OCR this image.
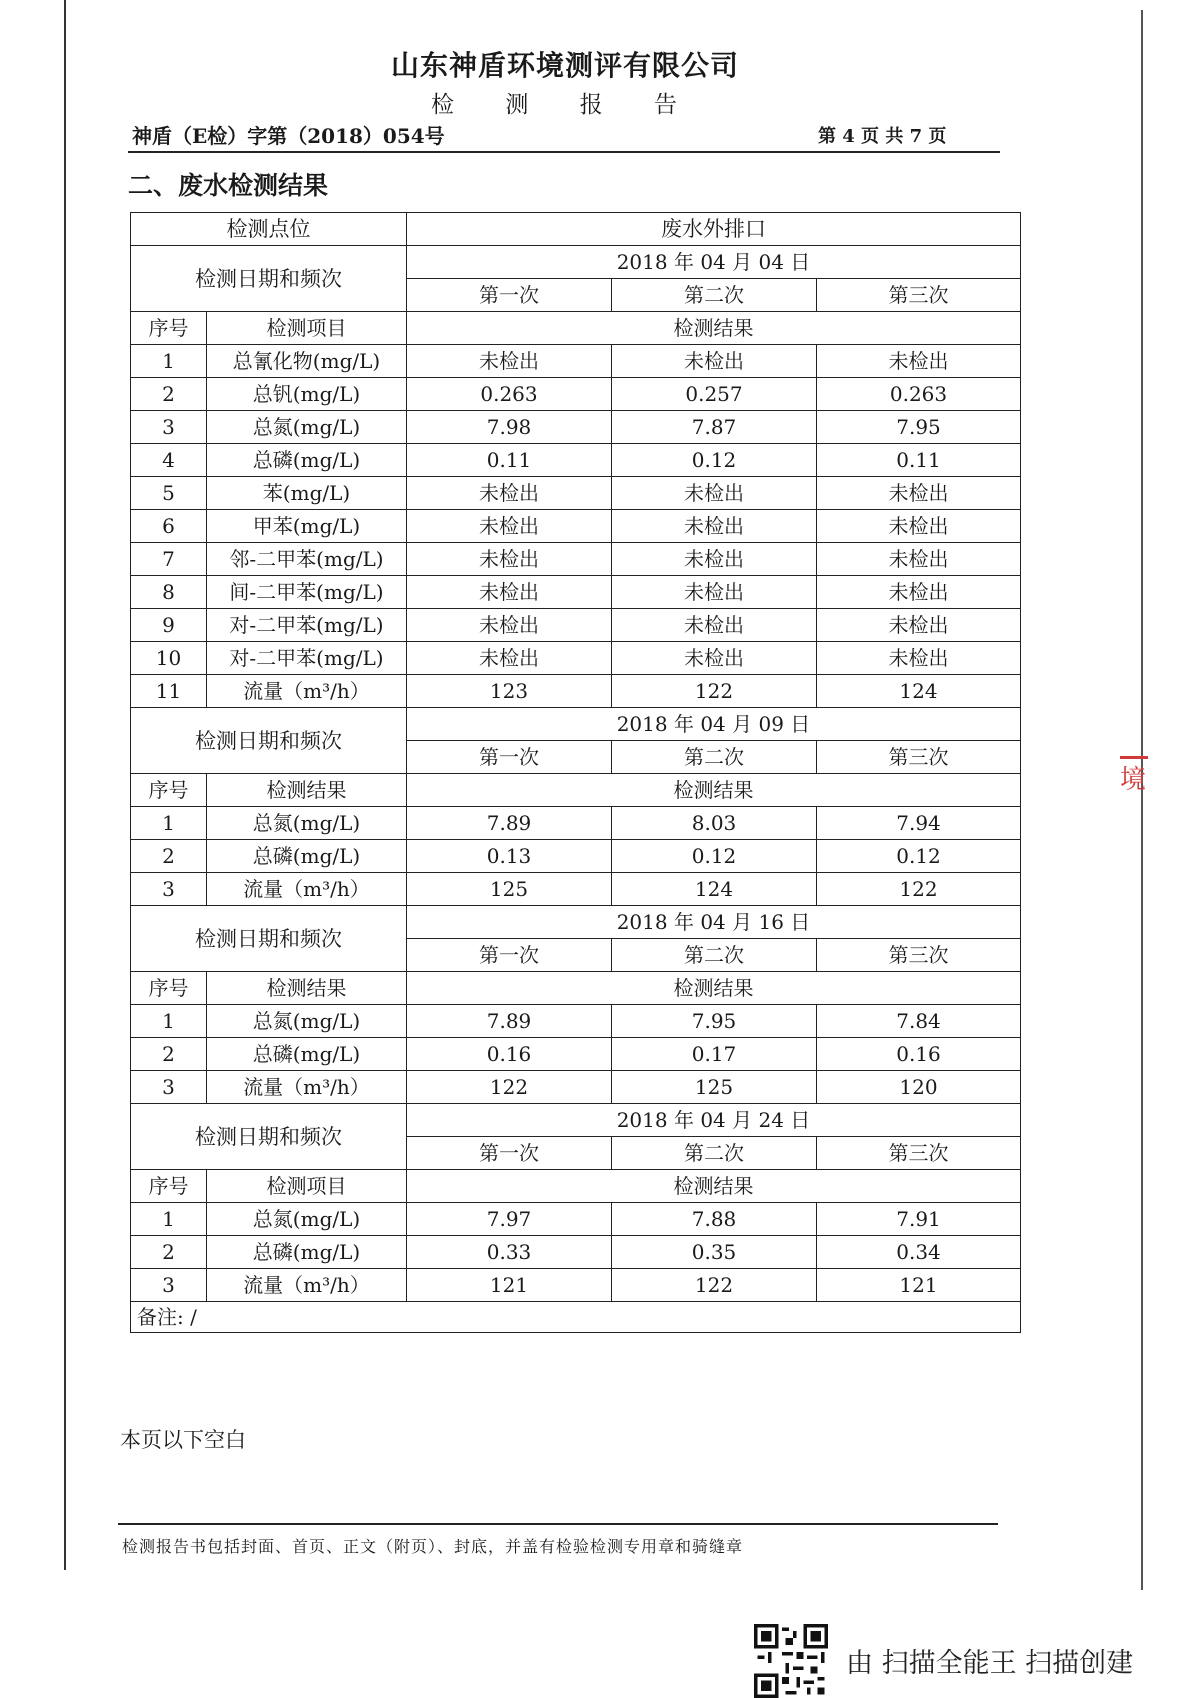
山东神盾环境测评有限公司
检 测 报 告
神盾（E检）字第（2018）054号	第 4 页 共 7 页
二、废水检测结果
检测点位		废水外排口		
检测日期和频次		2018 年 04 月 04 日		
		第一次	第二次	第三次
序号	检测项目	检测结果		
1	总氰化物(mg/L)	未检出	未检出	未检出
2	总钒(mg/L)	0.263	0.257	0.263
3	总氮(mg/L)	7.98	7.87	7.95
4	总磷(mg/L)	0.11	0.12	0.11
5	苯(mg/L)	未检出	未检出	未检出
6	甲苯(mg/L)	未检出	未检出	未检出
7	邻-二甲苯(mg/L)	未检出	未检出	未检出
8	间-二甲苯(mg/L)	未检出	未检出	未检出
9	对-二甲苯(mg/L)	未检出	未检出	未检出
10	对-二甲苯(mg/L)	未检出	未检出	未检出
11	流量（m³/h）	123	122	124
检测日期和频次		2018 年 04 月 09 日		
		第一次	第二次	第三次
序号	检测结果	检测结果		
1	总氮(mg/L)	7.89	8.03	7.94
2	总磷(mg/L)	0.13	0.12	0.12
3	流量（m³/h）	125	124	122
检测日期和频次		2018 年 04 月 16 日		
		第一次	第二次	第三次
序号	检测结果	检测结果		
1	总氮(mg/L)	7.89	7.95	7.84
2	总磷(mg/L)	0.16	0.17	0.16
3	流量（m³/h）	122	125	120
检测日期和频次		2018 年 04 月 24 日		
		第一次	第二次	第三次
序号	检测项目	检测结果		
1	总氮(mg/L)	7.97	7.88	7.91
2	总磷(mg/L)	0.33	0.35	0.34
3	流量（m³/h）	121	122	121
备注: /				
本页以下空白
检测报告书包括封面、首页、正文（附页）、封底，并盖有检验检测专用章和骑缝章
境
由 扫描全能王 扫描创建
